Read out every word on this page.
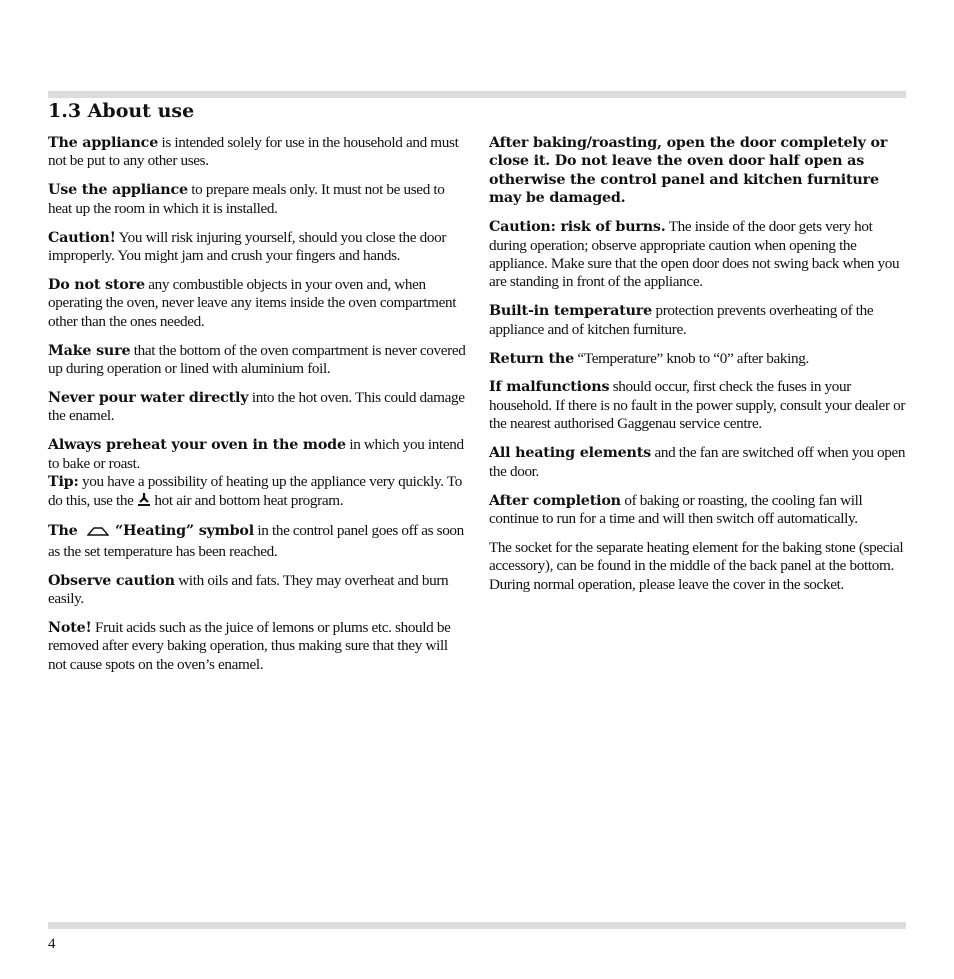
1.3 About use

The appliance is intended solely for use in the household and must not be put to any other uses.

Use the appliance to prepare meals only. It must not be used to heat up the room in which it is installed.

Caution! You will risk injuring yourself, should you close the door improperly. You might jam and crush your fingers and hands.

Do not store any combustible objects in your oven and, when operating the oven, never leave any items inside the oven compartment other than the ones needed.

Make sure that the bottom of the oven compartment is never covered up during operation or lined with aluminium foil.

Never pour water directly into the hot oven. This could damage the enamel.

Always preheat your oven in the mode in which you intend to bake or roast.

Tip: you have a possibility of heating up the appliance very quickly. To do this, use the  hot air and bottom heat program.

The	“Heating” symbol in the control panel goes off as soon as the set temperature has been reached.

Observe caution with oils and fats. They may overheat and burn easily.

Note! Fruit acids such as the juice of lemons or plums etc. should be removed after every baking operation, thus making sure that they will not cause spots on the oven’s enamel.

After baking/roasting, open the door completely or close it. Do not leave the oven door half open as otherwise the control panel and kitchen furniture may be damaged.

Caution: risk of burns. The inside of the door gets very hot during operation; observe appropriate caution when opening the appliance. Make sure that the open door does not swing back when you are standing in front of the appliance.

Built-in temperature protection prevents overheating of the appliance and of kitchen furniture.

Return the “Temperature” knob to “0” after baking.

If malfunctions should occur, first check the fuses in your household. If there is no fault in the power supply, consult your dealer or the nearest authorised Gaggenau service centre.

All heating elements and the fan are switched off when you open the door.

After completion of baking or roasting, the cooling fan will continue to run for a time and will then switch off automatically.

The socket for the separate heating element for the baking stone (special accessory), can be found in the middle of the back panel at the bottom. During normal operation, please leave the cover in the socket.

4
